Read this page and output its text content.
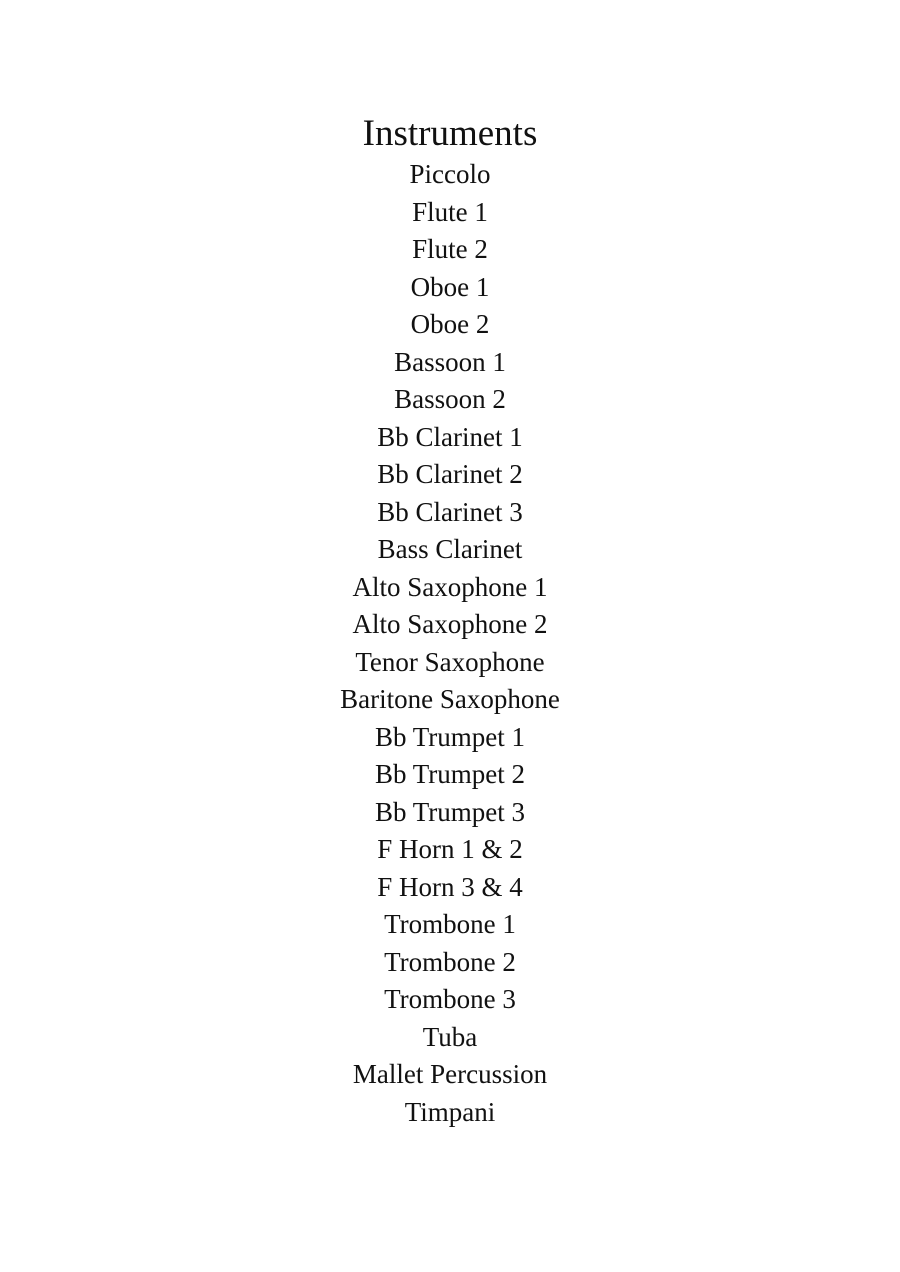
Instruments
Piccolo
Flute 1
Flute 2
Oboe 1
Oboe 2
Bassoon 1
Bassoon 2
Bb Clarinet 1
Bb Clarinet 2
Bb Clarinet 3
Bass Clarinet
Alto Saxophone 1
Alto Saxophone 2
Tenor Saxophone
Baritone Saxophone
Bb Trumpet 1
Bb Trumpet 2
Bb Trumpet 3
F Horn 1 & 2
F Horn 3 & 4
Trombone 1
Trombone 2
Trombone 3
Tuba
Mallet Percussion
Timpani
